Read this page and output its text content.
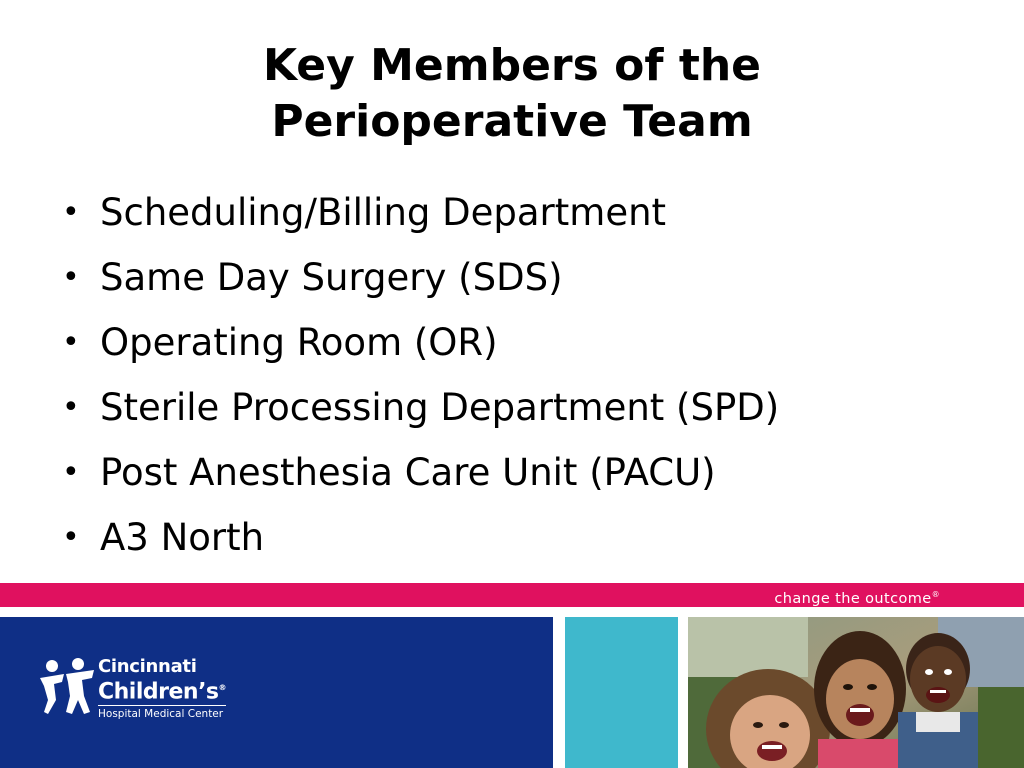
Key Members of the
Perioperative Team
• Scheduling/Billing Department
• Same Day Surgery (SDS)
• Operating Room (OR)
• Sterile Processing Department (SPD)
• Post Anesthesia Care Unit (PACU)
• A3 North
change the outcome®
Cincinnati
Children’s®
Hospital Medical Center
